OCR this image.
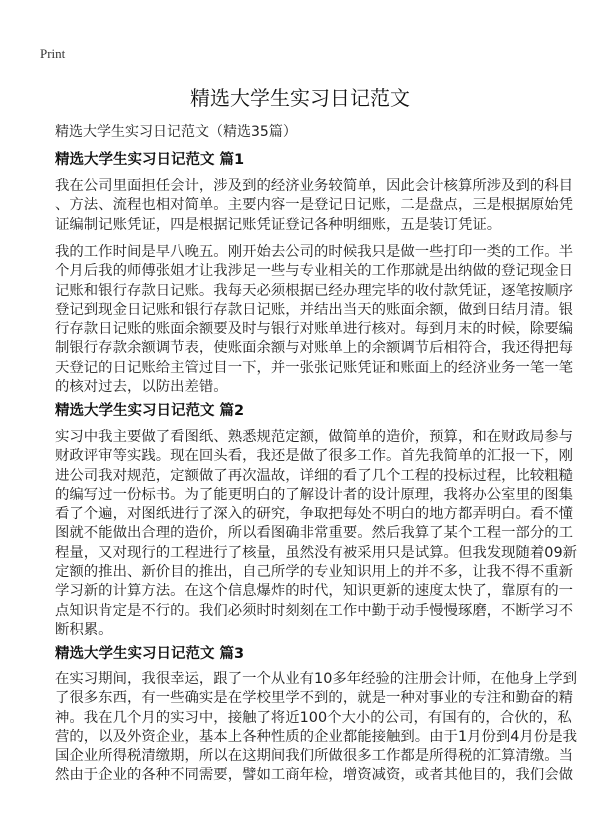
Print
精选大学生实习日记范文
精选大学生实习日记范文（精选35篇）
精选大学生实习日记范文 篇1
我在公司里面担任会计，涉及到的经济业务较简单，因此会计核算所涉及到的科目
、方法、流程也相对简单。主要内容一是登记日记账，二是盘点，三是根据原始凭
证编制记账凭证，四是根据记账凭证登记各种明细账，五是装订凭证。
我的工作时间是早八晚五。刚开始去公司的时候我只是做一些打印一类的工作。半
个月后我的师傅张姐才让我涉足一些与专业相关的工作那就是出纳做的登记现金日
记账和银行存款日记账。我每天必须根据已经办理完毕的收付款凭证，逐笔按顺序
登记到现金日记账和银行存款日记账，并结出当天的账面余额，做到日结月清。银
行存款日记账的账面余额要及时与银行对账单进行核对。每到月末的时候，除要编
制银行存款余额调节表，使账面余额与对账单上的余额调节后相符合，我还得把每
天登记的日记账给主管过目一下，并一张张记账凭证和账面上的经济业务一笔一笔
的核对过去，以防出差错。
精选大学生实习日记范文 篇2
实习中我主要做了看图纸、熟悉规范定额，做简单的造价，预算，和在财政局参与
财政评审等实践。现在回头看，我还是做了很多工作。首先我简单的汇报一下，刚
进公司我对规范，定额做了再次温故，详细的看了几个工程的投标过程，比较粗糙
的编写过一份标书。为了能更明白的了解设计者的设计原理，我将办公室里的图集
看了个遍，对图纸进行了深入的研究，争取把每处不明白的地方都弄明白。看不懂
图就不能做出合理的造价，所以看图确非常重要。然后我算了某个工程一部分的工
程量，又对现行的工程进行了核量，虽然没有被采用只是试算。但我发现随着09新
定额的推出、新价目的推出，自己所学的专业知识用上的并不多，让我不得不重新
学习新的计算方法。在这个信息爆炸的时代，知识更新的速度太快了，靠原有的一
点知识肯定是不行的。我们必须时时刻刻在工作中勤于动手慢慢琢磨，不断学习不
断积累。
精选大学生实习日记范文 篇3
在实习期间，我很幸运，跟了一个从业有10多年经验的注册会计师，在他身上学到
了很多东西，有一些确实是在学校里学不到的，就是一种对事业的专注和勤奋的精
神。我在几个月的实习中，接触了将近100个大小的公司，有国有的，合伙的，私
营的，以及外资企业，基本上各种性质的企业都能接触到。由于1月份到4月份是我
国企业所得税清缴期，所以在这期间我们所做很多工作都是所得税的汇算清缴。当
然由于企业的各种不同需要，譬如工商年检，增资减资，或者其他目的，我们会做
